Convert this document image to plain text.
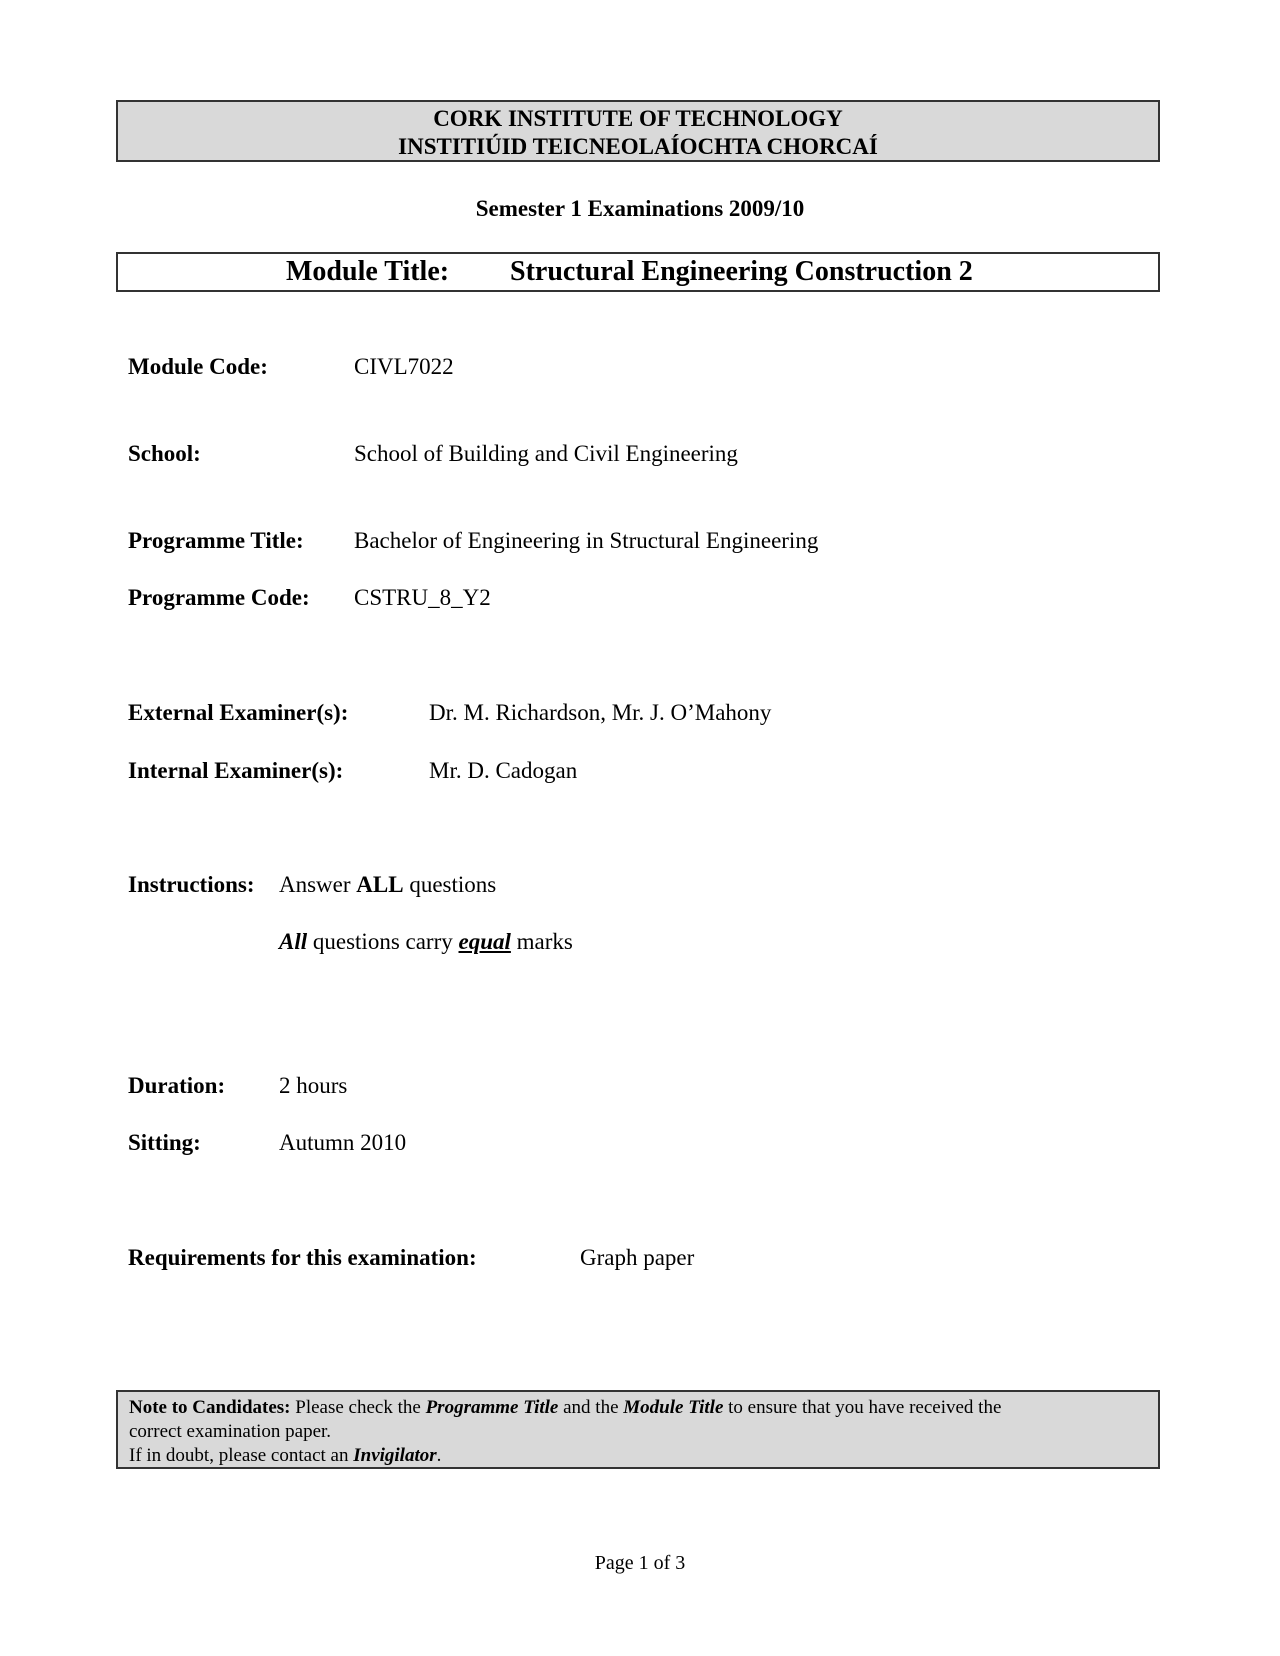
CORK INSTITUTE OF TECHNOLOGY
INSTITIÚID TEICNEOLAÍOCHTA CHORCAÍ
Semester 1 Examinations 2009/10
Module Title: Structural Engineering Construction 2
Module Code:	CIVL7022
School:	School of Building and Civil Engineering
Programme Title: Bachelor of Engineering in Structural Engineering
Programme Code: CSTRU_8_Y2
External Examiner(s):	Dr. M. Richardson, Mr. J. O’Mahony
Internal Examiner(s):	Mr. D. Cadogan
Instructions: Answer ALL questions
All questions carry equal marks
Duration: 2 hours
Sitting:	Autumn 2010
Requirements for this examination:	Graph paper
Note to Candidates: Please check the Programme Title and the Module Title to ensure that you have received the
correct examination paper.
If in doubt, please contact an Invigilator.
Page 1 of 3
